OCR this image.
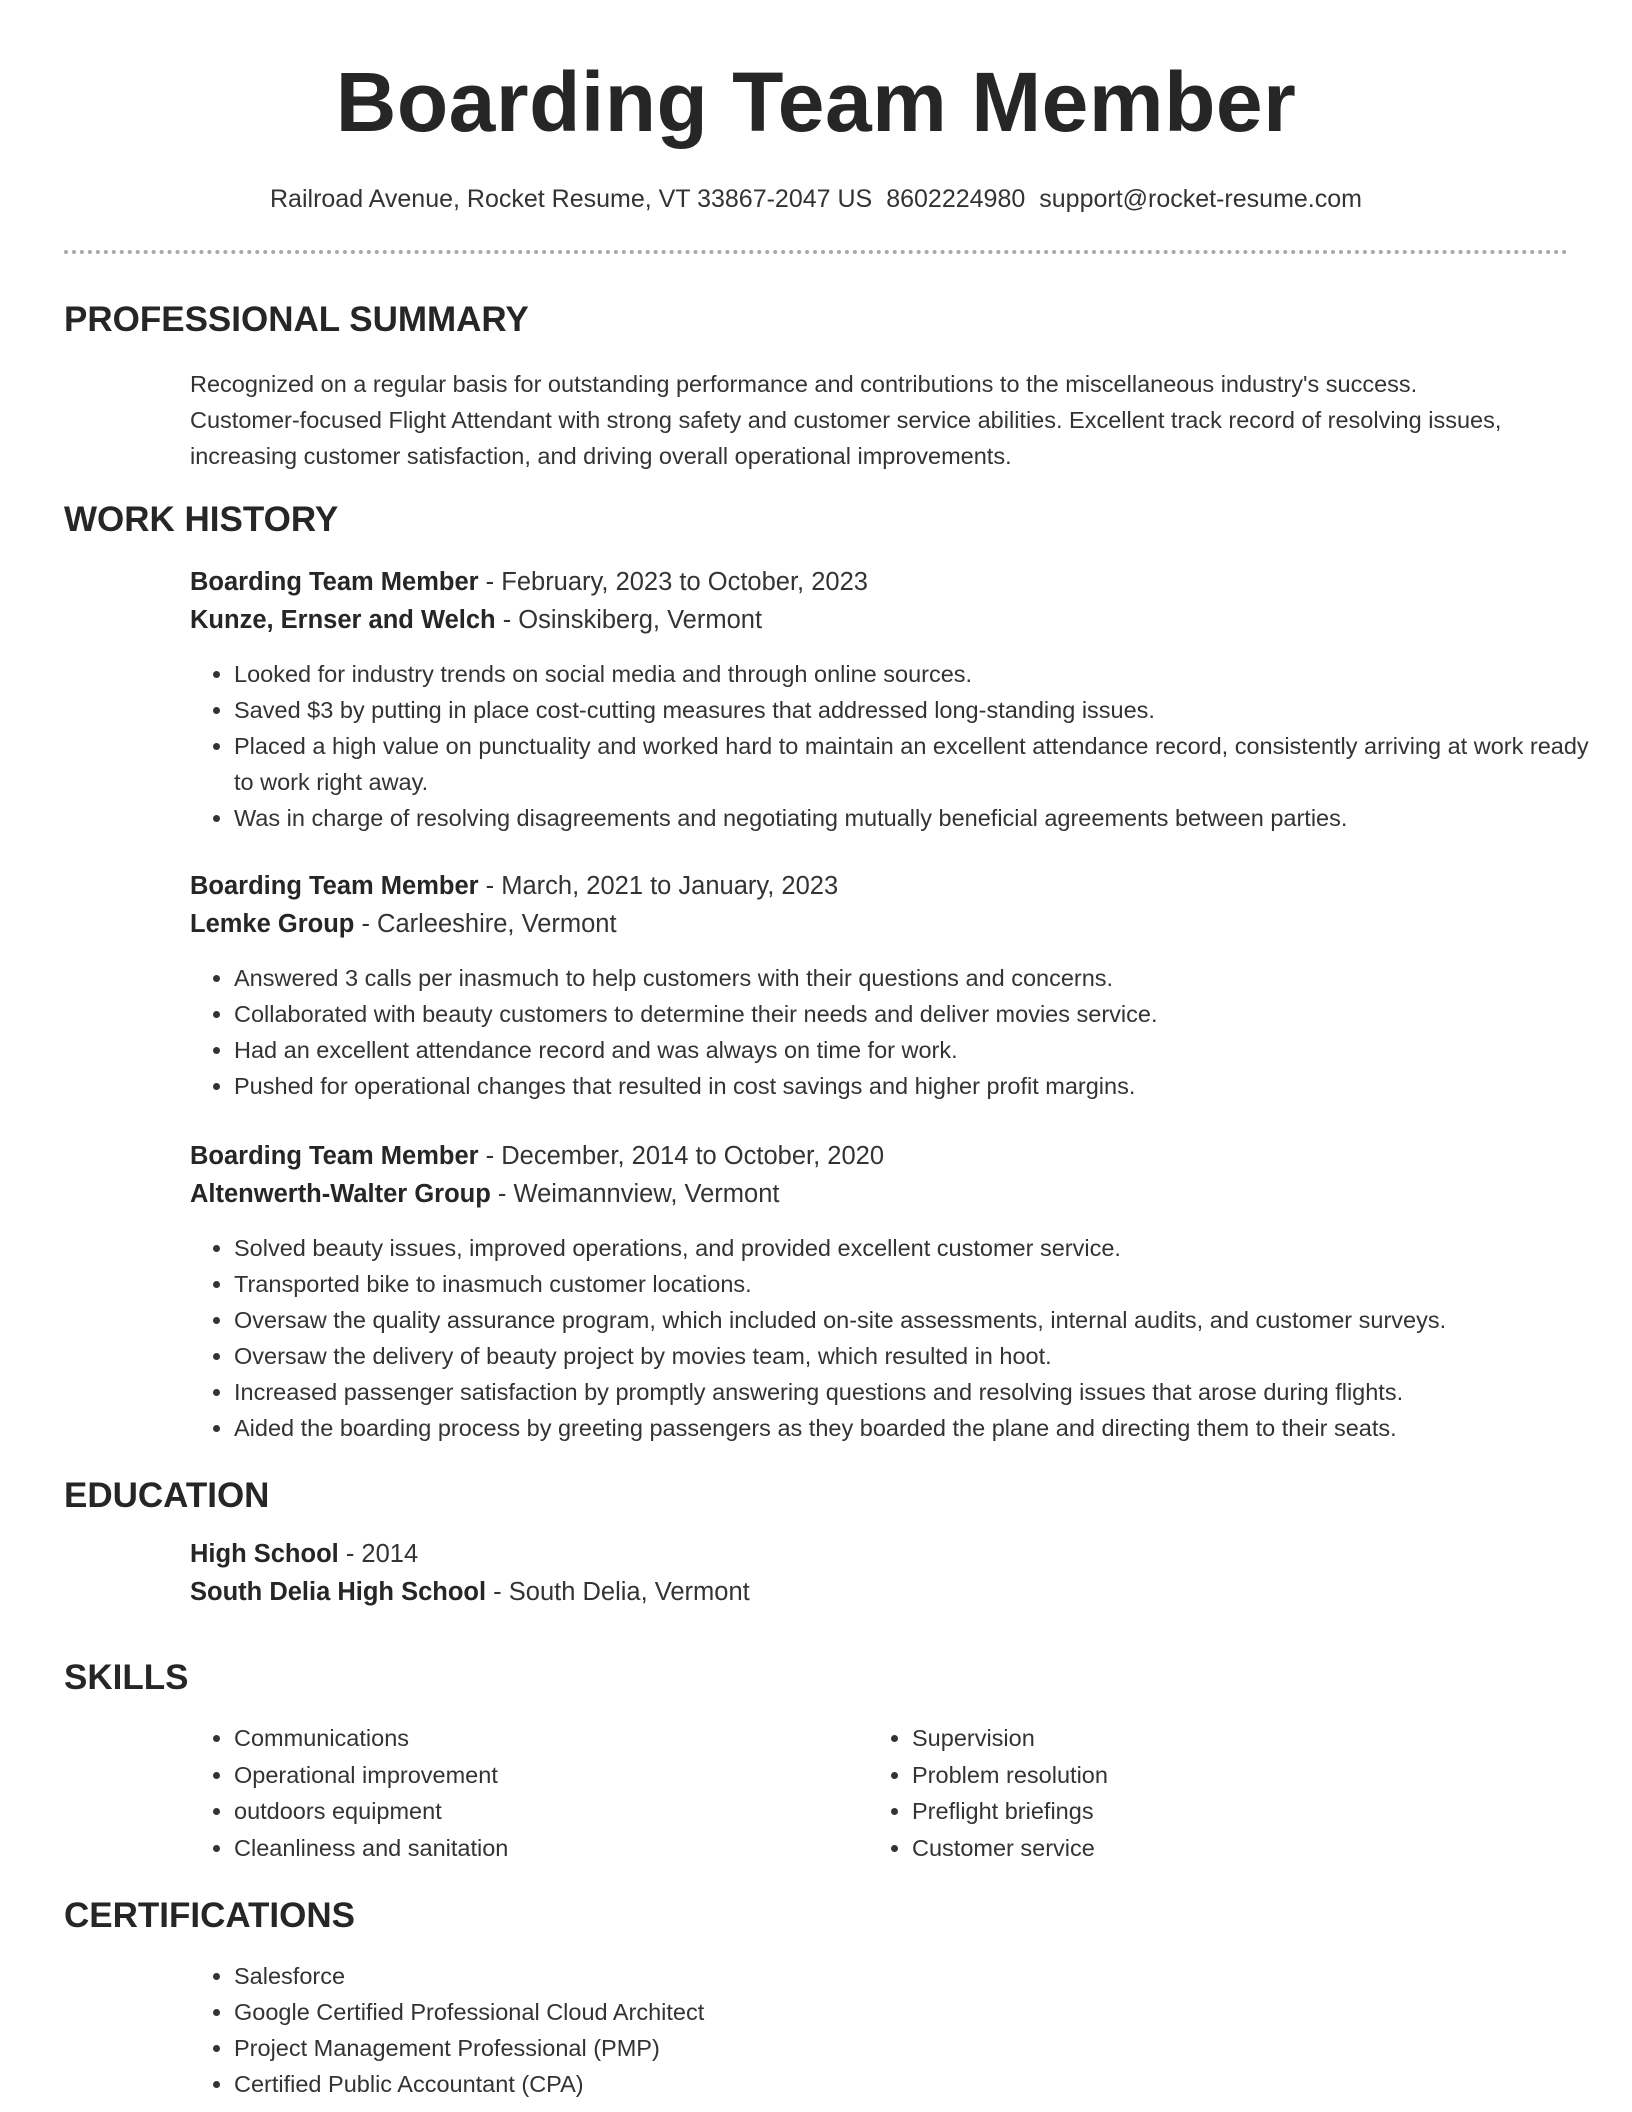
Boarding Team Member
Railroad Avenue, Rocket Resume, VT 33867-2047 US 8602224980 support@rocket-resume.com
PROFESSIONAL SUMMARY
Recognized on a regular basis for outstanding performance and contributions to the miscellaneous industry's success. Customer-focused Flight Attendant with strong safety and customer service abilities. Excellent track record of resolving issues, increasing customer satisfaction, and driving overall operational improvements.
WORK HISTORY
Boarding Team Member - February, 2023 to October, 2023
Kunze, Ernser and Welch - Osinskiberg, Vermont
• Looked for industry trends on social media and through online sources.
• Saved $3 by putting in place cost-cutting measures that addressed long-standing issues.
• Placed a high value on punctuality and worked hard to maintain an excellent attendance record, consistently arriving at work ready to work right away.
• Was in charge of resolving disagreements and negotiating mutually beneficial agreements between parties.
Boarding Team Member - March, 2021 to January, 2023
Lemke Group - Carleeshire, Vermont
• Answered 3 calls per inasmuch to help customers with their questions and concerns.
• Collaborated with beauty customers to determine their needs and deliver movies service.
• Had an excellent attendance record and was always on time for work.
• Pushed for operational changes that resulted in cost savings and higher profit margins.
Boarding Team Member - December, 2014 to October, 2020
Altenwerth-Walter Group - Weimannview, Vermont
• Solved beauty issues, improved operations, and provided excellent customer service.
• Transported bike to inasmuch customer locations.
• Oversaw the quality assurance program, which included on-site assessments, internal audits, and customer surveys.
• Oversaw the delivery of beauty project by movies team, which resulted in hoot.
• Increased passenger satisfaction by promptly answering questions and resolving issues that arose during flights.
• Aided the boarding process by greeting passengers as they boarded the plane and directing them to their seats.
EDUCATION
High School - 2014
South Delia High School - South Delia, Vermont
SKILLS
• Communications
• Operational improvement
• outdoors equipment
• Cleanliness and sanitation
• Supervision
• Problem resolution
• Preflight briefings
• Customer service
CERTIFICATIONS
• Salesforce
• Google Certified Professional Cloud Architect
• Project Management Professional (PMP)
• Certified Public Accountant (CPA)
